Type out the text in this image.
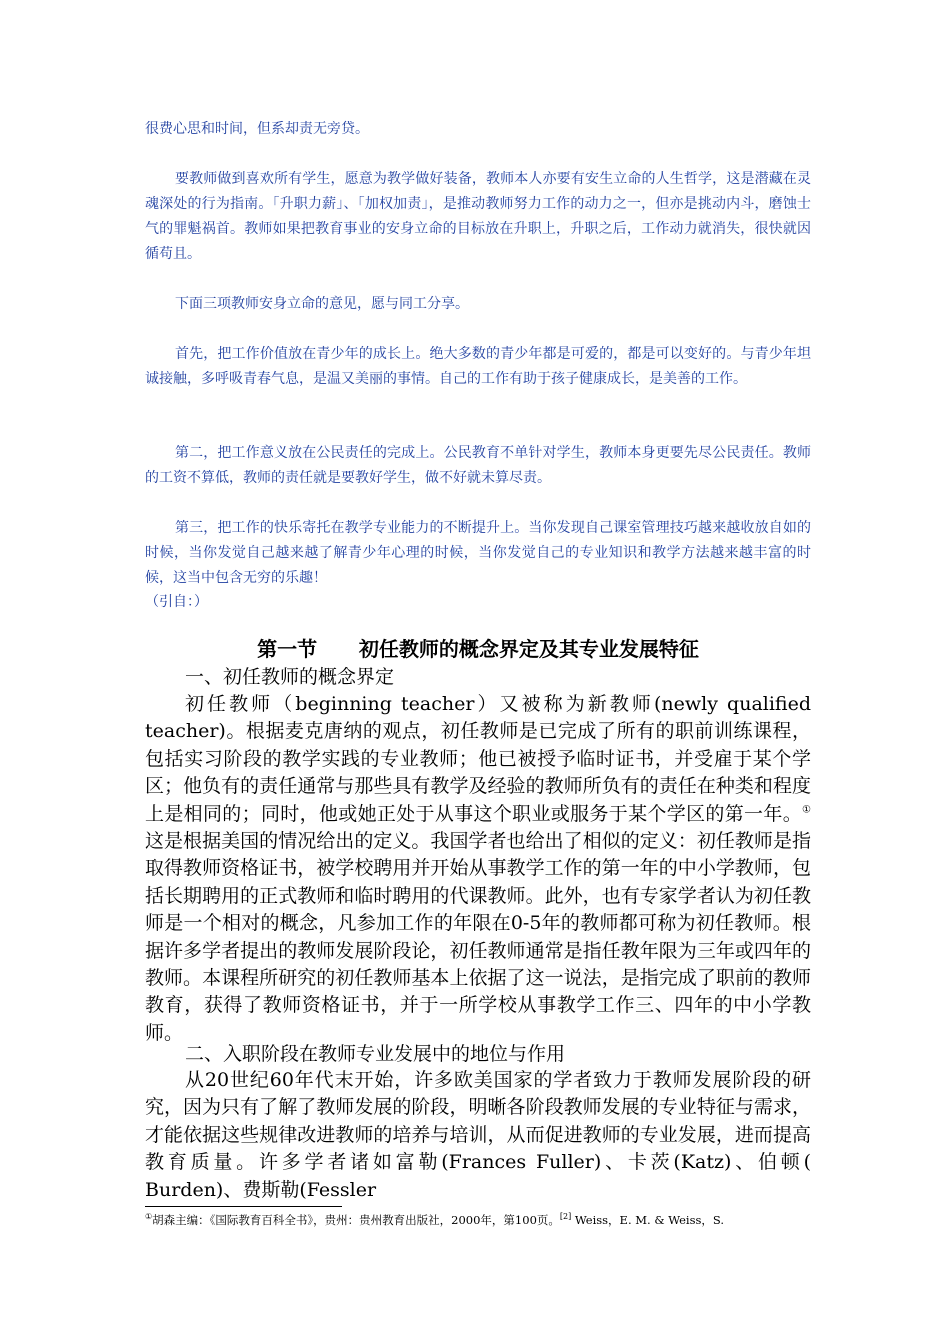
很费心思和时间，但系却责无旁贷。

要教师做到喜欢所有学生，愿意为教学做好装备，教师本人亦要有安生立命的人生哲学，这是潜藏在灵魂深处的行为指南。「升职力薪」、「加权加责」，是推动教师努力工作的动力之一，但亦是挑动内斗，磨蚀士气的罪魁祸首。教师如果把教育事业的安身立命的目标放在升职上，升职之后，工作动力就消失，很快就因循苟且。

下面三项教师安身立命的意见，愿与同工分享。

首先，把工作价值放在青少年的成长上。绝大多数的青少年都是可爱的，都是可以变好的。与青少年坦诚接触，多呼吸青春气息，是温又美丽的事情。自己的工作有助于孩子健康成长，是美善的工作。

第二，把工作意义放在公民责任的完成上。公民教育不单针对学生，教师本身更要先尽公民责任。教师的工资不算低，教师的责任就是要教好学生，做不好就未算尽责。

第三，把工作的快乐寄托在教学专业能力的不断提升上。当你发现自己课室管理技巧越来越收放自如的时候，当你发觉自己越来越了解青少年心理的时候，当你发觉自己的专业知识和教学方法越来越丰富的时候，这当中包含无穷的乐趣！

（引自：）

第一节      初任教师的概念界定及其专业发展特征
一、初任教师的概念界定

初任教师（beginning teacher）又被称为新教师(newly qualified teacher)。根据麦克唐纳的观点，初任教师是已完成了所有的职前训练课程，包括实习阶段的教学实践的专业教师；他已被授予临时证书，并受雇于某个学区；他负有的责任通常与那些具有教学及经验的教师所负有的责任在种类和程度上是相同的；同时，他或她正处于从事这个职业或服务于某个学区的第一年。①这是根据美国的情况给出的定义。我国学者也给出了相似的定义：初任教师是指取得教师资格证书，被学校聘用并开始从事教学工作的第一年的中小学教师，包括长期聘用的正式教师和临时聘用的代课教师。此外，也有专家学者认为初任教师是一个相对的概念，凡参加工作的年限在0-5年的教师都可称为初任教师。根据许多学者提出的教师发展阶段论，初任教师通常是指任教年限为三年或四年的教师。本课程所研究的初任教师基本上依据了这一说法，是指完成了职前的教师教育，获得了教师资格证书，并于一所学校从事教学工作三、四年的中小学教师。

二、入职阶段在教师专业发展中的地位与作用

从20世纪60年代末开始，许多欧美国家的学者致力于教师发展阶段的研究，因为只有了解了教师发展的阶段，明晰各阶段教师发展的专业特征与需求，才能依据这些规律改进教师的培养与培训，从而促进教师的专业发展，进而提高教育质量。许多学者诸如富勒(Frances Fuller)、卡茨(Katz)、伯顿( Burden)、费斯勒(Fessler

①胡森主编：《国际教育百科全书》，贵州：贵州教育出版社，2000年，第100页。[2] Weiss，E. M. & Weiss，S.
